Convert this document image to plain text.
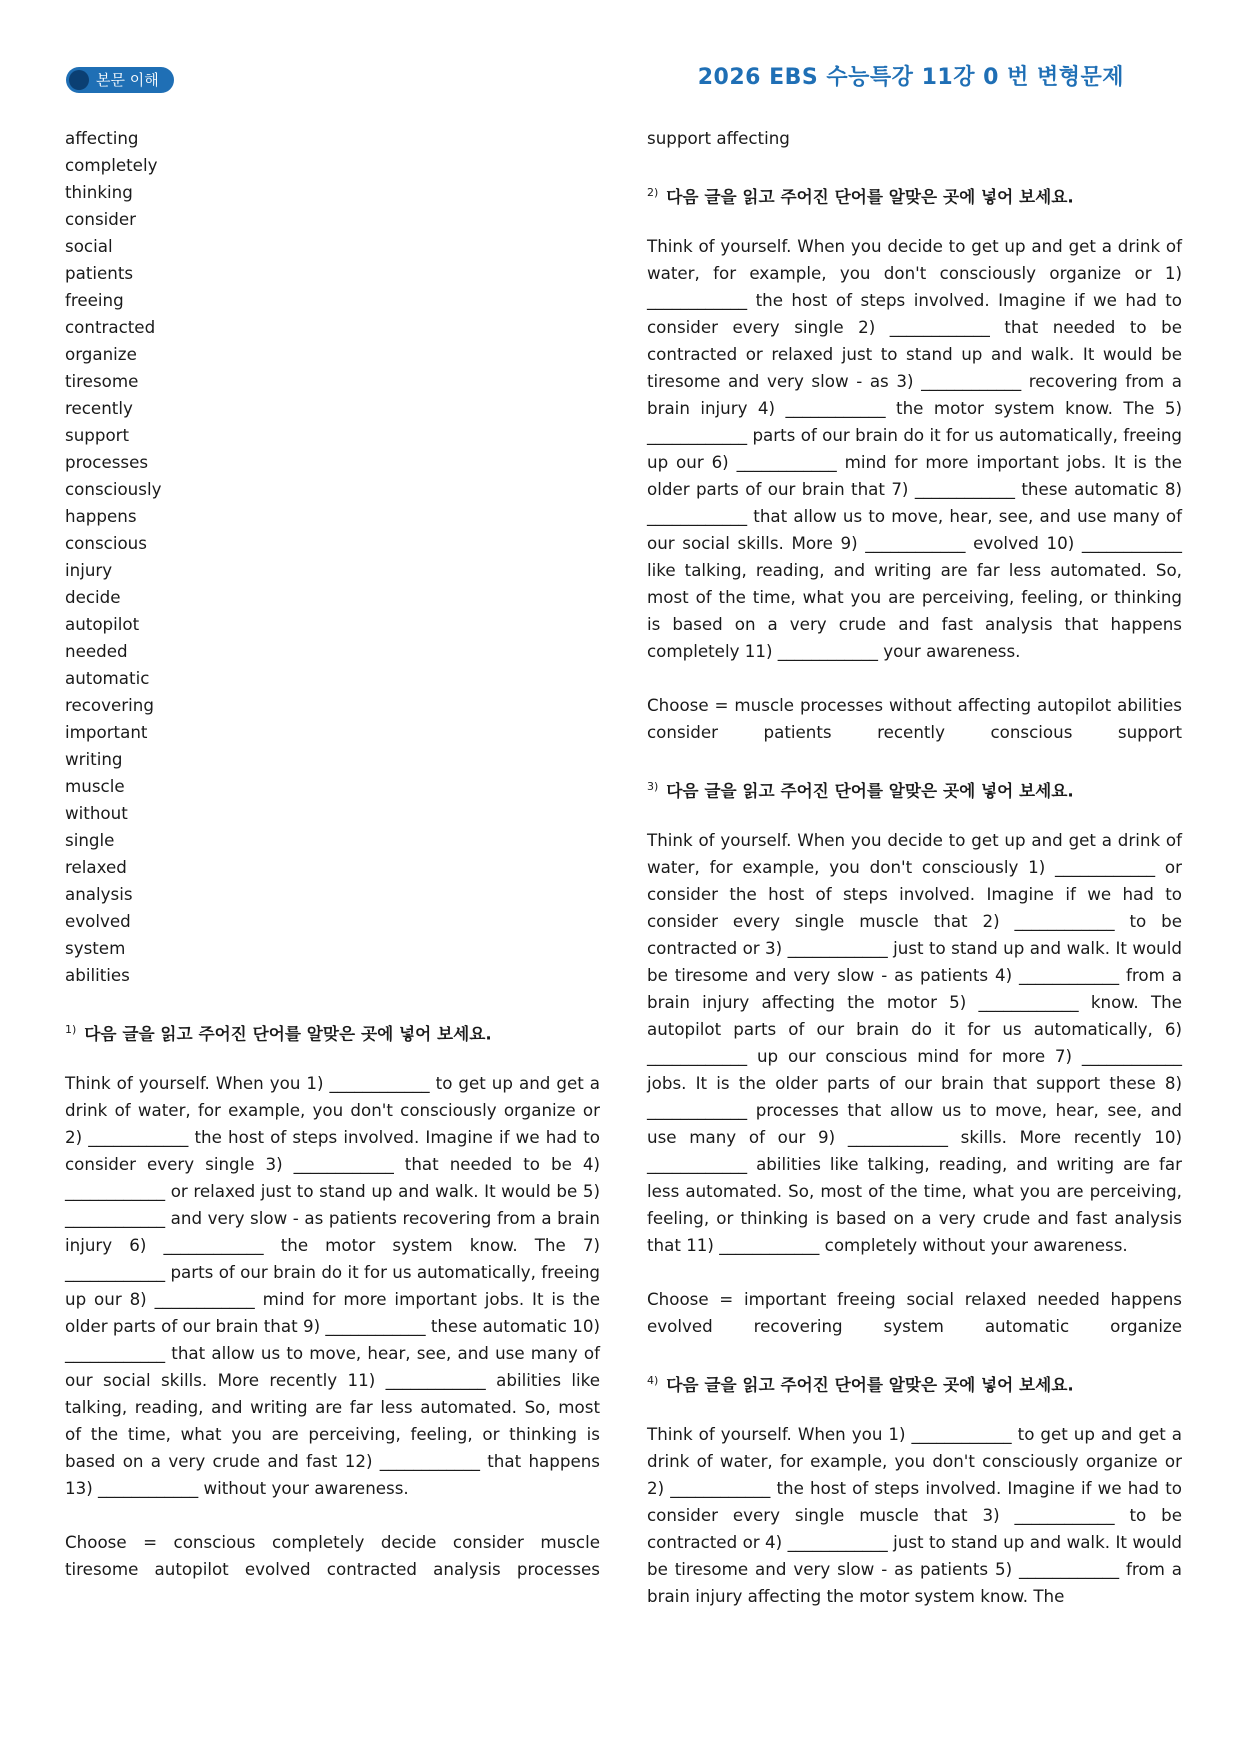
본문 이해	2026 EBS 수능특강 11강 0 번 변형문제
affecting
completely
thinking
consider
social
patients
freeing
contracted
organize
tiresome
recently
support
processes
consciously
happens
conscious
injury
decide
autopilot
needed
automatic
recovering
important
writing
muscle
without
single
relaxed
analysis
evolved
system
abilities
$^{1)}$ 다음 글을 읽고 주어진 단어를 알맞은 곳에 넣어 보세요.

Think of yourself. When you 1) ____________ to get up and get a drink of water, for example, you don't consciously organize or 2) ____________ the host of steps involved. Imagine if we had to consider every single 3) ____________ that needed to be 4) ____________ or relaxed just to stand up and walk. It would be 5) ____________ and very slow - as patients recovering from a brain injury 6) ____________ the motor system know. The 7) ____________ parts of our brain do it for us automatically, freeing up our 8) ____________ mind for more important jobs. It is the older parts of our brain that 9) ____________ these automatic 10) ____________ that allow us to move, hear, see, and use many of our social skills. More recently 11) ____________ abilities like talking, reading, and writing are far less automated. So, most of the time, what you are perceiving, feeling, or thinking is based on a very crude and fast 12) ____________ that happens 13) ____________ without your awareness.

Choose = conscious completely decide consider muscle tiresome autopilot evolved contracted analysis processes

support affecting

$^{2)}$ 다음 글을 읽고 주어진 단어를 알맞은 곳에 넣어 보세요.

Think of yourself. When you decide to get up and get a drink of water, for example, you don't consciously organize or 1) ____________ the host of steps involved. Imagine if we had to consider every single 2) ____________ that needed to be contracted or relaxed just to stand up and walk. It would be tiresome and very slow - as 3) ____________ recovering from a brain injury 4) ____________ the motor system know. The 5) ____________ parts of our brain do it for us automatically, freeing up our 6) ____________ mind for more important jobs. It is the older parts of our brain that 7) ____________ these automatic 8) ____________ that allow us to move, hear, see, and use many of our social skills. More 9) ____________ evolved 10) ____________ like talking, reading, and writing are far less automated. So, most of the time, what you are perceiving, feeling, or thinking is based on a very crude and fast analysis that happens completely 11) ____________ your awareness.

Choose = muscle processes without affecting autopilot abilities consider patients recently conscious support

$^{3)}$ 다음 글을 읽고 주어진 단어를 알맞은 곳에 넣어 보세요.

Think of yourself. When you decide to get up and get a drink of water, for example, you don't consciously 1) ____________ or consider the host of steps involved. Imagine if we had to consider every single muscle that 2) ____________ to be contracted or 3) ____________ just to stand up and walk. It would be tiresome and very slow - as patients 4) ____________ from a brain injury affecting the motor 5) ____________ know. The autopilot parts of our brain do it for us automatically, 6) ____________ up our conscious mind for more 7) ____________ jobs. It is the older parts of our brain that support these 8) ____________ processes that allow us to move, hear, see, and use many of our 9) ____________ skills. More recently 10) ____________ abilities like talking, reading, and writing are far less automated. So, most of the time, what you are perceiving, feeling, or thinking is based on a very crude and fast analysis that 11) ____________ completely without your awareness.

Choose = important freeing social relaxed needed happens evolved recovering system automatic organize

$^{4)}$ 다음 글을 읽고 주어진 단어를 알맞은 곳에 넣어 보세요.

Think of yourself. When you 1) ____________ to get up and get a drink of water, for example, you don't consciously organize or 2) ____________ the host of steps involved. Imagine if we had to consider every single muscle that 3) ____________ to be contracted or 4) ____________ just to stand up and walk. It would be tiresome and very slow - as patients 5) ____________ from a brain injury affecting the motor system know. The
